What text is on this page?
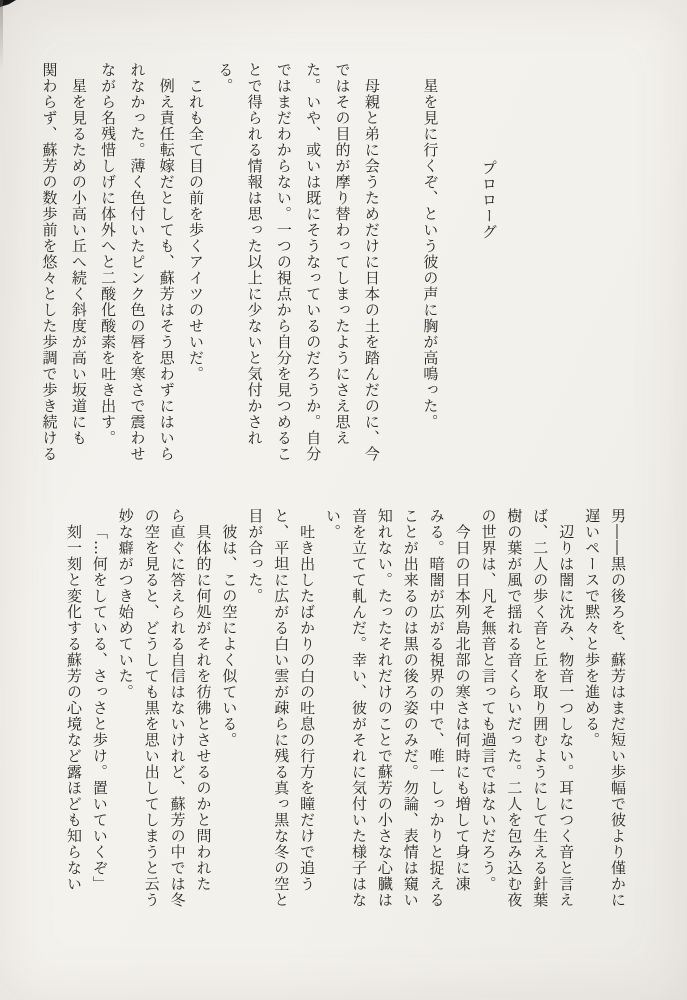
プロローグ

星を見に行くぞ、という彼の声に胸が高鳴った。

母親と弟に会うためだけに日本の土を踏んだのに、今

ではその目的が摩り替わってしまったようにさえ思え

た。いや、或いは既にそうなっているのだろうか。自分

ではまだわからない。一つの視点から自分を見つめるこ

とで得られる情報は思った以上に少ないと気付かされ

る。

これも全て目の前を歩くアイツのせいだ。

例え責任転嫁だとしても、蘇芳はそう思わずにはいら

れなかった。薄く色付いたピンク色の唇を寒さで震わせ

ながら名残惜しげに体外へと二酸化酸素を吐き出す。

星を見るための小高い丘へ続く斜度が高い坂道にも

関わらず、蘇芳の数歩前を悠々とした歩調で歩き続ける

男――黒の後ろを、蘇芳はまだ短い歩幅で彼より僅かに

遅いペースで黙々と歩を進める。

辺りは闇に沈み、物音一つしない。耳につく音と言え

ば、二人の歩く音と丘を取り囲むようにして生える針葉

樹の葉が風で揺れる音くらいだった。二人を包み込む夜

の世界は、凡そ無音と言っても過言ではないだろう。

今日の日本列島北部の寒さは何時にも増して身に凍

みる。暗闇が広がる視界の中で、唯一しっかりと捉える

ことが出来るのは黒の後ろ姿のみだ。勿論、表情は窺い

知れない。たったそれだけのことで蘇芳の小さな心臓は

音を立てて軋んだ。幸い、彼がそれに気付いた様子はな

い。

吐き出したばかりの白の吐息の行方を瞳だけで追う

と、平坦に広がる白い雲が疎らに残る真っ黒な冬の空と

目が合った。

彼は、この空によく似ている。

具体的に何処がそれを彷彿とさせるのかと問われた

ら直ぐに答えられる自信はないけれど、蘇芳の中では冬

の空を見ると、どうしても黒を思い出してしまうと云う

妙な癖がつき始めていた。

「…何をしている、さっさと歩け。置いていくぞ」

刻一刻と変化する蘇芳の心境など露ほども知らない
